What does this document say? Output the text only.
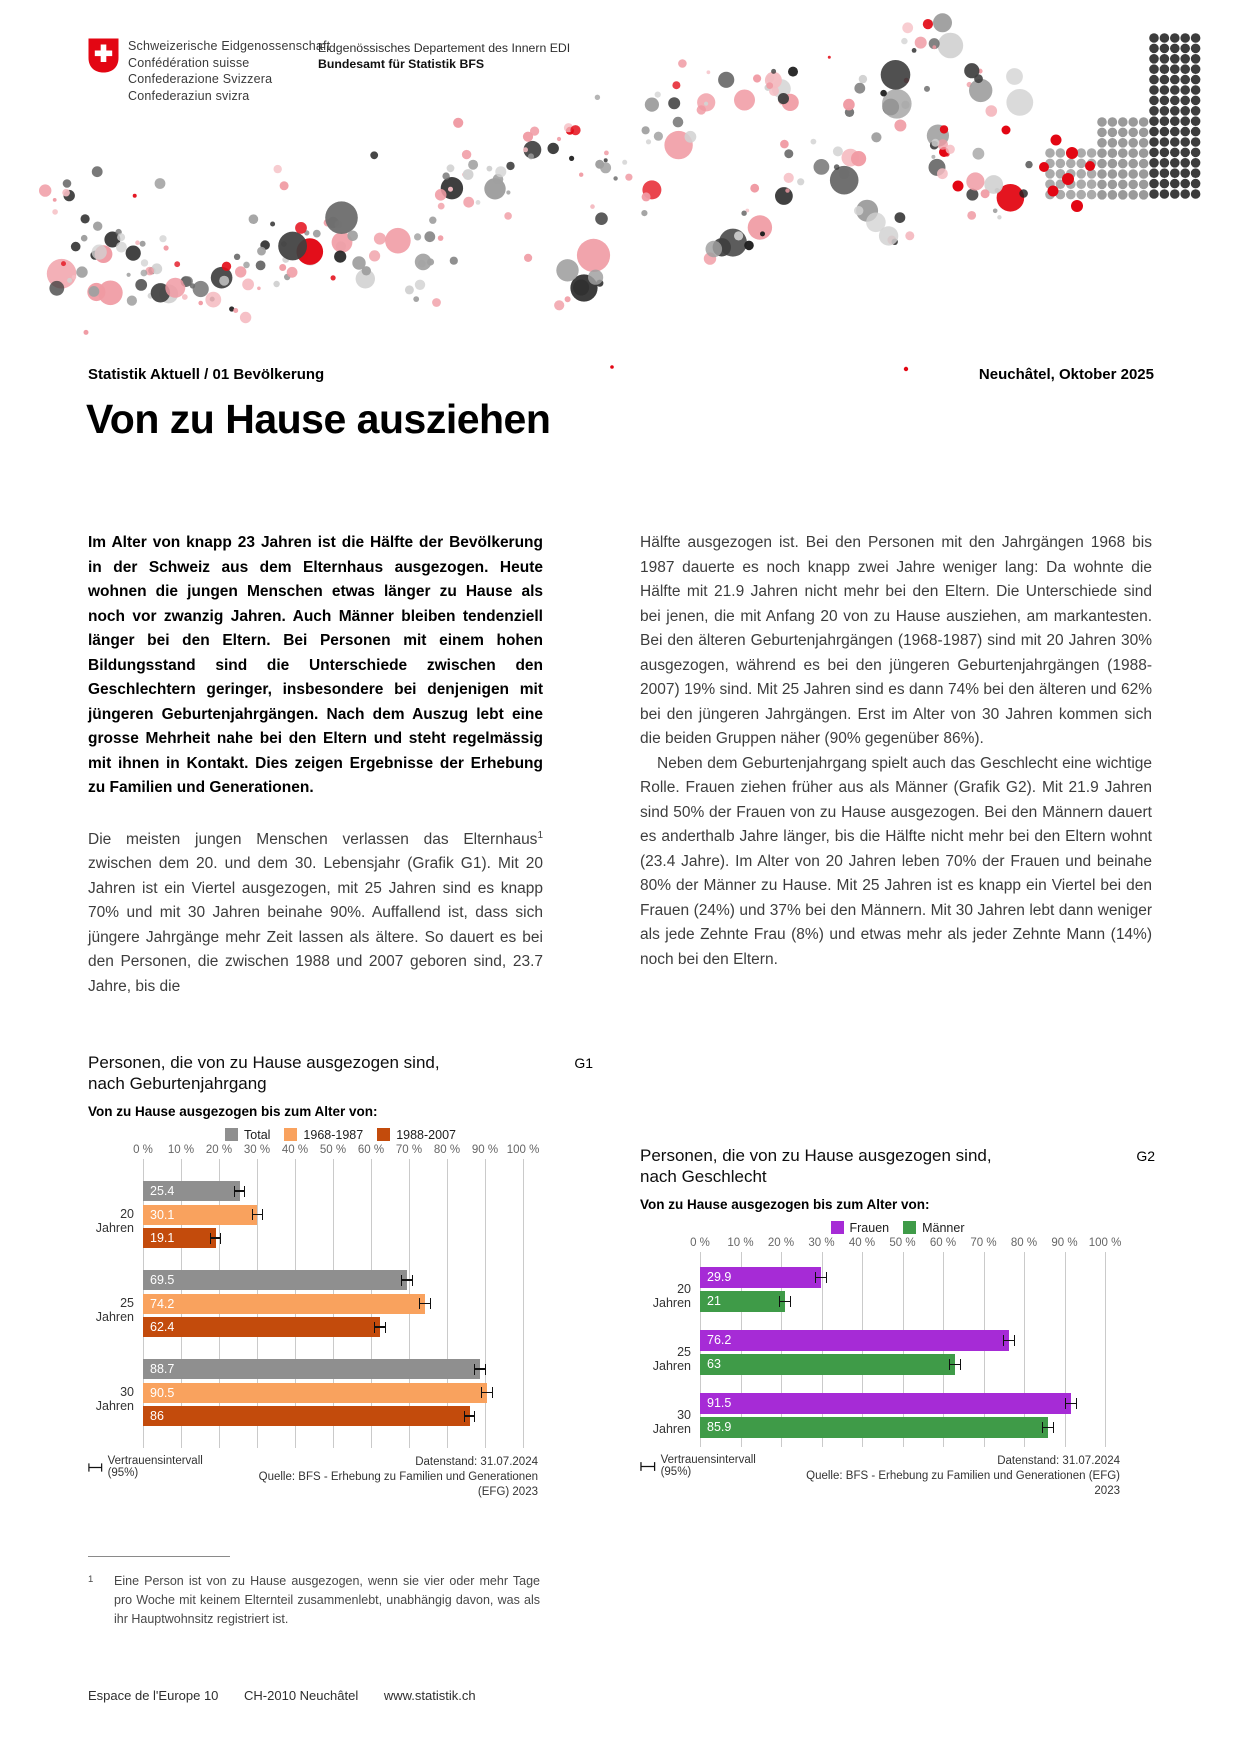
Schweizerische Eidgenossenschaft
Confédération suisse
Confederazione Svizzera
Confederaziun svizra
Eidgenössisches Departement des Innern EDI
Bundesamt für Statistik BFS
Statistik Aktuell / 01 Bevölkerung	Neuchâtel, Oktober 2025
Von zu Hause ausziehen

Im Alter von knapp 23 Jahren ist die Hälfte der Bevölkerung in der Schweiz aus dem Elternhaus ausgezogen. Heute wohnen die jungen Menschen etwas länger zu Hause als noch vor zwanzig Jahren. Auch Männer bleiben tendenziell länger bei den Eltern. Bei Personen mit einem hohen Bildungsstand sind die Unterschiede zwischen den Geschlechtern geringer, insbesondere bei denjenigen mit jüngeren Geburtenjahrgängen. Nach dem Auszug lebt eine grosse Mehrheit nahe bei den Eltern und steht regelmässig mit ihnen in Kontakt. Dies zeigen Ergebnisse der Erhebung zu Familien und Generationen.

Die meisten jungen Menschen verlassen das Elternhaus$^1$ zwischen dem 20. und dem 30. Lebensjahr (Grafik G1). Mit 20 Jahren ist ein Viertel ausgezogen, mit 25 Jahren sind es knapp 70% und mit 30 Jahren beinahe 90%. Auffallend ist, dass sich jüngere Jahrgänge mehr Zeit lassen als ältere. So dauert es bei den Personen, die zwischen 1988 und 2007 geboren sind, 23.7 Jahre, bis die

Hälfte ausgezogen ist. Bei den Personen mit den Jahrgängen 1968 bis 1987 dauerte es noch knapp zwei Jahre weniger lang: Da wohnte die Hälfte mit 21.9 Jahren nicht mehr bei den Eltern. Die Unterschiede sind bei jenen, die mit Anfang 20 von zu Hause ausziehen, am markantesten. Bei den älteren Geburtenjahrgängen (1968-1987) sind mit 20 Jahren 30% ausgezogen, während es bei den jüngeren Geburtenjahrgängen (1988-2007) 19% sind. Mit 25 Jahren sind es dann 74% bei den älteren und 62% bei den jüngeren Jahrgängen. Erst im Alter von 30 Jahren kommen sich die beiden Gruppen näher (90% gegenüber 86%).

Neben dem Geburtenjahrgang spielt auch das Geschlecht eine wichtige Rolle. Frauen ziehen früher aus als Männer (Grafik G2). Mit 21.9 Jahren sind 50% der Frauen von zu Hause ausgezogen. Bei den Männern dauert es anderthalb Jahre länger, bis die Hälfte nicht mehr bei den Eltern wohnt (23.4 Jahre). Im Alter von 20 Jahren leben 70% der Frauen und beinahe 80% der Männer zu Hause. Mit 25 Jahren ist es knapp ein Viertel bei den Frauen (24%) und 37% bei den Männern. Mit 30 Jahren lebt dann weniger als jede Zehnte Frau (8%) und etwas mehr als jeder Zehnte Mann (14%) noch bei den Eltern.

Personen, die von zu Hause ausgezogen sind,
nach Geburtenjahrgang
G1
Von zu Hause ausgezogen bis zum Alter von:
Total	1968-1987	1988-2007
0 % 10 % 20 % 30 % 40 % 50 % 60 % 70 % 80 % 90 % 100 %
20 Jahren
25.4
30.1
19.1
25 Jahren
69.5
74.2
62.4
30 Jahren
88.7
90.5
86
Vertrauensintervall (95%)
Datenstand: 31.07.2024
Quelle: BFS - Erhebung zu Familien und Generationen (EFG) 2023
Personen, die von zu Hause ausgezogen sind,
nach Geschlecht
G2
Von zu Hause ausgezogen bis zum Alter von:
Frauen	Männer
0 % 10 % 20 % 30 % 40 % 50 % 60 % 70 % 80 % 90 % 100 %
20 Jahren
29.9
21
25 Jahren
76.2
63
30 Jahren
91.5
85.9
Vertrauensintervall (95%)
Datenstand: 31.07.2024
Quelle: BFS - Erhebung zu Familien und Generationen (EFG) 2023
1	Eine Person ist von zu Hause ausgezogen, wenn sie vier oder mehr Tage pro Woche mit keinem Elternteil zusammenlebt, unabhängig davon, was als ihr Hauptwohnsitz registriert ist.
Espace de l'Europe 10 CH-2010 Neuchâtel www.statistik.ch
